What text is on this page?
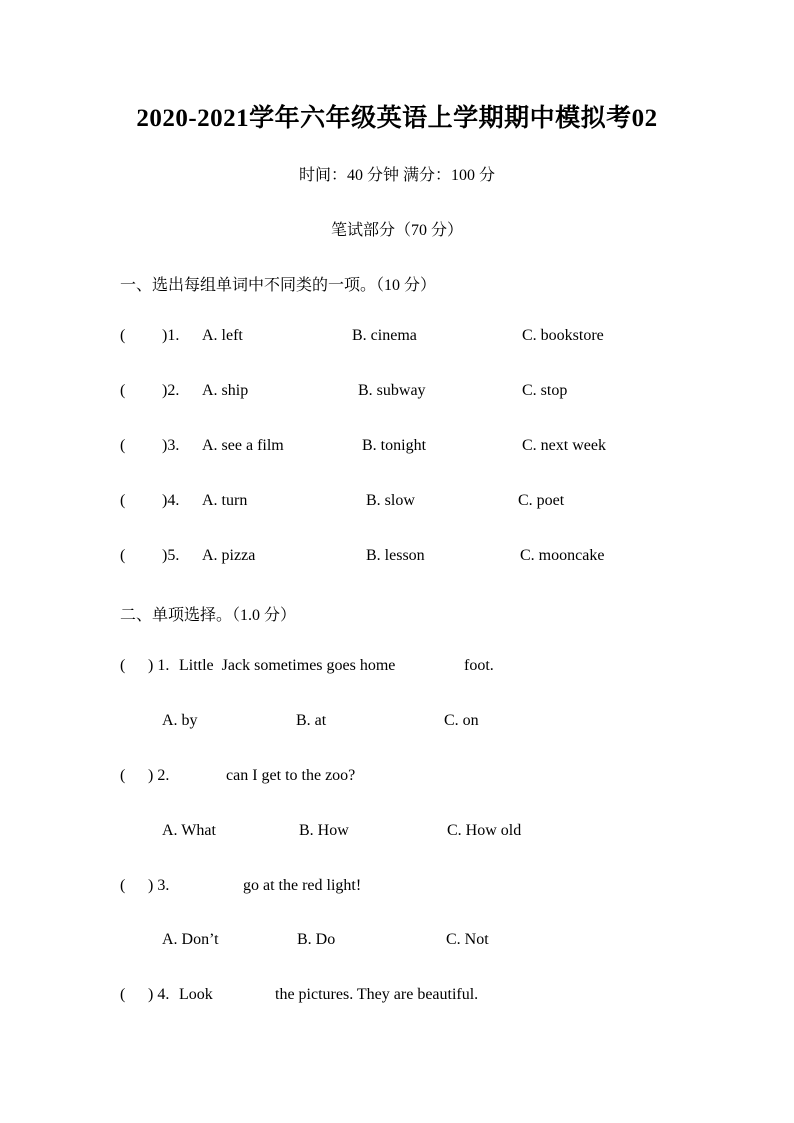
2020-2021学年六年级英语上学期期中模拟考02
时间：40 分钟 满分：100 分
笔试部分（70 分）
一、选出每组单词中不同类的一项。（10 分）
( )1. A. left	B. cinema	C. bookstore
( )2. A. ship	B. subway	C. stop
( )3. A. see a film	B. tonight	C. next week
( )4. A. turn	B. slow	C. poet
( )5. A. pizza	B. lesson	C. mooncake
二、单项选择。（1.0 分）
( ) 1. Little  Jack sometimes goes home	foot.
A. by	B. at	C. on
( ) 2.	can I get to the zoo?
A. What	B. How	C. How old
( ) 3.	go at the red light!
A. Don’t	B. Do	C. Not
( ) 4. Look	the pictures. They are beautiful.
